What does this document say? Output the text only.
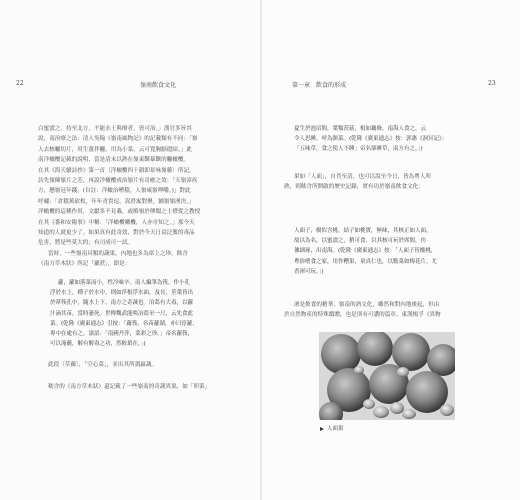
22	嶺南飲食文化

白蜜漬之，持至北方，不能水土與療者，皆可治。」漢官多旨其

說，南治療之法：清人吳翰《嶺南風物記》的記載類有不同：「嶺

人去核曬切片，用生薑拌曬，用為小菜，云可寬胸膈遣結。」此

南洋橄欖記載的說明，當是清末以熟在嶺東饌暴饌的曬橄欖。

在其《海天續詩抄》第一首〔洋橄欖四十韻即景咏嶺藤〕所記，

詩先嶺陳嶺片之芳，再說洋橄欖成治嶺片有奇癒之效：「天嶺漳疾

方，懸嶺冠年錢，(自註：洋橄治嘈積，人嶺咸嶺呷嚼。)」對此

呼嘯：「倉積萬砍枚，年年青貴逗，嵩澄寓對聚，鋪嶺嶺湧決。」

洋橄欖的這種作用，文獻多不見載，或略嶺於傳聞之士禮從之教授

在其《番和安陽事》中稱：「洋橄欖嫩機，人亦牙知之。」那今天

知道的人就更少了。如果真有此奇效，對於今天日益泛濫的毒品

危害，將是些莫大的；有司成可一試。

當時，一些嶺南具類的蔬果，內地也多為席上之珍。嵇含

《南方草木狀》所記「蘿蔗」，即是：

蘿，蘿如落菜而小，性冷味辛。南人編筆為筏，作小孔

浮於水上，種子於水中，則如萍根浮水面，及長，莖葉皆出

於葦筏孔中，隨水上下。南方之奇蔬也。冶葛有大毒，以蘿

汁滴其苗，當時萎死。世傳魏武能啖冶葛至一尺，云先食此

菜。(乾隆《廣東通志》引按：「蘿筏，名苗蘿湖，亦曰淳蘿，

專中在處有之。諸詔：「南國丹萍，菜彩之珍。」帝名蘿筏，

可以淹蘸，解有解毒之功，然較瑣在。」)

此段〔草蘿〕，「空心菜」，並出其所謂羸蔬。

嵇含的《南方草木狀》還記載了一些嶺南的奇蔬異果，如「卯菜」

第一章　飲食的形成	23

夏生於池沼間，葉類茨菇，根如藕條，南海人食之，云

令人思睡，呼為瞑菜。(乾隆《廣東通志》按：郭憲《洞冥記》：

「五味草，食之使人不睡」帝名卻睡草，南方有之。」)

果如「人面」，自晉至清，也可以說至今日，皆為粵人所

熟，則嵇含所開啟的歷史記錄，實有功於嶺南飲食文化：

人面子，樹似含桃，結子如桃實，無味，其核正如人面，

故以為名，以蜜漬之，稍可食，以其核可玩於席間，彷

彿細琢，出南海。(乾隆《廣東通志》按：「人面子皆酸桃，

粵俗嗜食之家，用作糟果，童真仁也，以點菜如梅花片，尤

香渾可玩。」)

酒是飲食的精華。嶺南的酒文化，雖然和對內地後起，但由

於自然物產的特殊饋贈，也是別有可讚的篇章。東漢楊孚《異物

人面果
